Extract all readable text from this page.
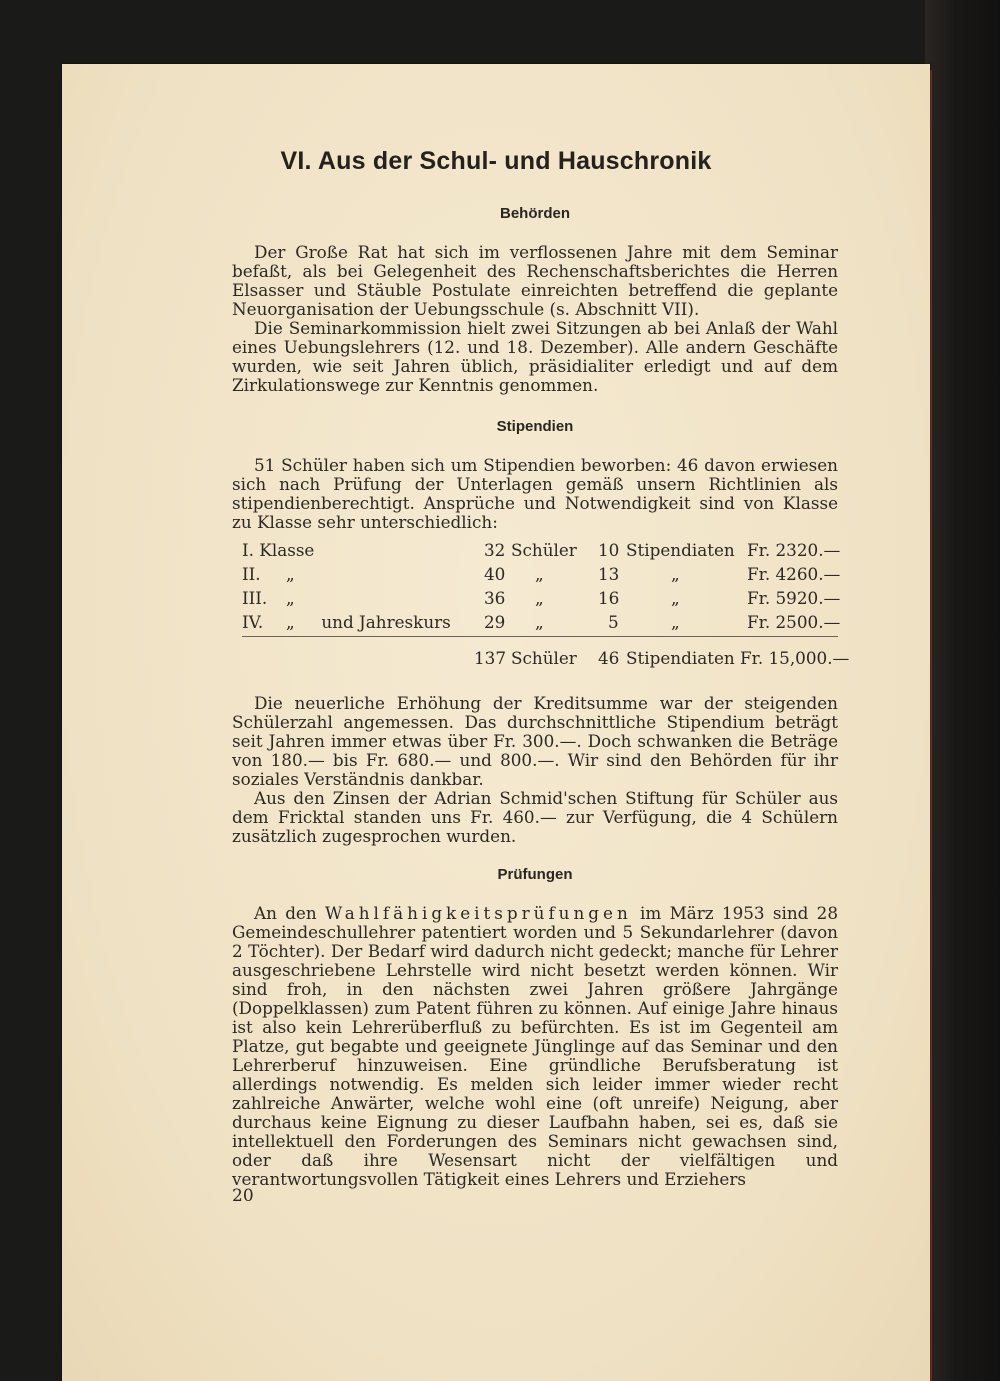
VI. Aus der Schul- und Hauschronik
Behörden

Der Große Rat hat sich im verflossenen Jahre mit dem Seminar befaßt, als bei Gelegenheit des Rechenschaftsberichtes die Herren Elsasser und Stäuble Postulate einreichten betreffend die geplante Neuorganisation der Uebungsschule (s. Abschnitt VII).

Die Seminarkommission hielt zwei Sitzungen ab bei Anlaß der Wahl eines Uebungslehrers (12. und 18. Dezember). Alle andern Geschäfte wurden, wie seit Jahren üblich, präsidialiter erledigt und auf dem Zirkulationswege zur Kenntnis genommen.

Stipendien

51 Schüler haben sich um Stipendien beworben: 46 davon erwiesen sich nach Prüfung der Unterlagen gemäß unsern Richtlinien als stipendienberechtigt. Ansprüche und Notwendigkeit sind von Klasse zu Klasse sehr unterschiedlich:

I. Klasse	32 Schüler 10 Stipendiaten Fr. 2320.—
II. „	40 „	13	„	Fr. 4260.—
III. „	36 „	16	„	Fr. 5920.—
IV. „     und Jahreskurs 29 „	5	„	Fr. 2500.—
137 Schüler 46 Stipendiaten Fr. 15,000.—

Die neuerliche Erhöhung der Kreditsumme war der steigenden Schülerzahl angemessen. Das durchschnittliche Stipendium beträgt seit Jahren immer etwas über Fr. 300.—. Doch schwanken die Beträge von 180.— bis Fr. 680.— und 800.—. Wir sind den Behörden für ihr soziales Verständnis dankbar.

Aus den Zinsen der Adrian Schmid'schen Stiftung für Schüler aus dem Fricktal standen uns Fr. 460.— zur Verfügung, die 4 Schülern zusätzlich zugesprochen wurden.

Prüfungen

An den Wahlfähigkeitsprüfungen im März 1953 sind 28 Gemeindeschullehrer patentiert worden und 5 Sekundarlehrer (davon 2 Töchter). Der Bedarf wird dadurch nicht gedeckt; manche für Lehrer ausgeschriebene Lehrstelle wird nicht besetzt werden können. Wir sind froh, in den nächsten zwei Jahren größere Jahrgänge (Doppelklassen) zum Patent führen zu können. Auf einige Jahre hinaus ist also kein Lehrerüberfluß zu befürchten. Es ist im Gegenteil am Platze, gut begabte und geeignete Jünglinge auf das Seminar und den Lehrerberuf hinzuweisen. Eine gründliche Berufsberatung ist allerdings notwendig. Es melden sich leider immer wieder recht zahlreiche Anwärter, welche wohl eine (oft unreife) Neigung, aber durchaus keine Eignung zu dieser Laufbahn haben, sei es, daß sie intellektuell den Forderungen des Seminars nicht gewachsen sind, oder daß ihre Wesensart nicht der vielfältigen und verantwortungsvollen Tätigkeit eines Lehrers und Erziehers

20
